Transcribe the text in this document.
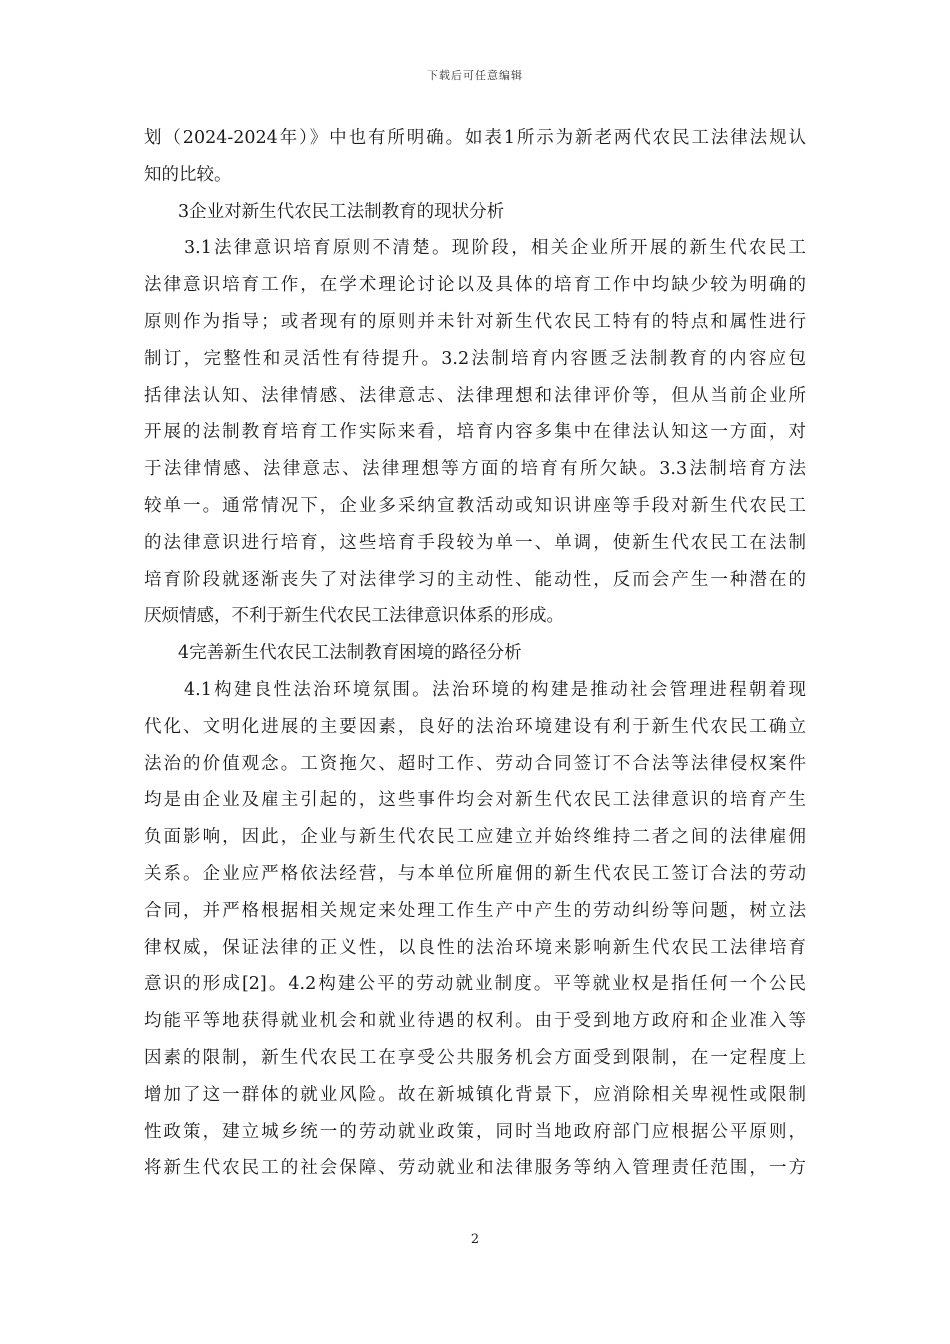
下载后可任意编辑
划（2024-2024年）》中也有所明确。如表1所示为新老两代农民工法律法规认
知的比较。
3企业对新生代农民工法制教育的现状分析
3.1法律意识培育原则不清楚。现阶段，相关企业所开展的新生代农民工
法律意识培育工作，在学术理论讨论以及具体的培育工作中均缺少较为明确的
原则作为指导；或者现有的原则并未针对新生代农民工特有的特点和属性进行
制订，完整性和灵活性有待提升。3.2法制培育内容匮乏法制教育的内容应包
括律法认知、法律情感、法律意志、法律理想和法律评价等，但从当前企业所
开展的法制教育培育工作实际来看，培育内容多集中在律法认知这一方面，对
于法律情感、法律意志、法律理想等方面的培育有所欠缺。3.3法制培育方法
较单一。通常情况下，企业多采纳宣教活动或知识讲座等手段对新生代农民工
的法律意识进行培育，这些培育手段较为单一、单调，使新生代农民工在法制
培育阶段就逐渐丧失了对法律学习的主动性、能动性，反而会产生一种潜在的
厌烦情感，不利于新生代农民工法律意识体系的形成。
4完善新生代农民工法制教育困境的路径分析
4.1构建良性法治环境氛围。法治环境的构建是推动社会管理进程朝着现
代化、文明化进展的主要因素，良好的法治环境建设有利于新生代农民工确立
法治的价值观念。工资拖欠、超时工作、劳动合同签订不合法等法律侵权案件
均是由企业及雇主引起的，这些事件均会对新生代农民工法律意识的培育产生
负面影响，因此，企业与新生代农民工应建立并始终维持二者之间的法律雇佣
关系。企业应严格依法经营，与本单位所雇佣的新生代农民工签订合法的劳动
合同，并严格根据相关规定来处理工作生产中产生的劳动纠纷等问题，树立法
律权威，保证法律的正义性，以良性的法治环境来影响新生代农民工法律培育
意识的形成[2]。4.2构建公平的劳动就业制度。平等就业权是指任何一个公民
均能平等地获得就业机会和就业待遇的权利。由于受到地方政府和企业准入等
因素的限制，新生代农民工在享受公共服务机会方面受到限制，在一定程度上
增加了这一群体的就业风险。故在新城镇化背景下，应消除相关卑视性或限制
性政策，建立城乡统一的劳动就业政策，同时当地政府部门应根据公平原则，
将新生代农民工的社会保障、劳动就业和法律服务等纳入管理责任范围，一方
2
